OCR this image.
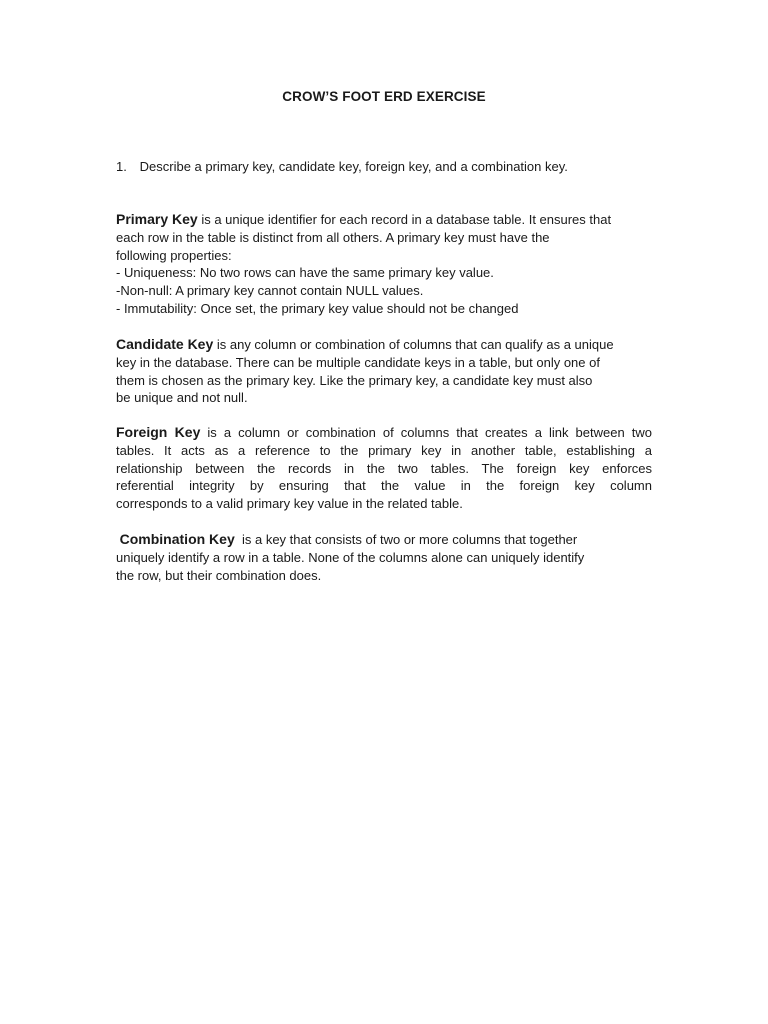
CROW’S FOOT ERD EXERCISE
1. Describe a primary key, candidate key, foreign key, and a combination key.
Primary Key is a unique identifier for each record in a database table. It ensures that
each row in the table is distinct from all others. A primary key must have the
following properties:
- Uniqueness: No two rows can have the same primary key value.
-Non-null: A primary key cannot contain NULL values.
- Immutability: Once set, the primary key value should not be changed
Candidate Key is any column or combination of columns that can qualify as a unique
key in the database. There can be multiple candidate keys in a table, but only one of
them is chosen as the primary key. Like the primary key, a candidate key must also
be unique and not null.
Foreign Key is a column or combination of columns that creates a link between two
tables. It acts as a reference to the primary key in another table, establishing a
relationship between the records in the two tables. The foreign key enforces
referential integrity by ensuring that the value in the foreign key column
corresponds to a valid primary key value in the related table.
Combination Key  is a key that consists of two or more columns that together
uniquely identify a row in a table. None of the columns alone can uniquely identify
the row, but their combination does.
